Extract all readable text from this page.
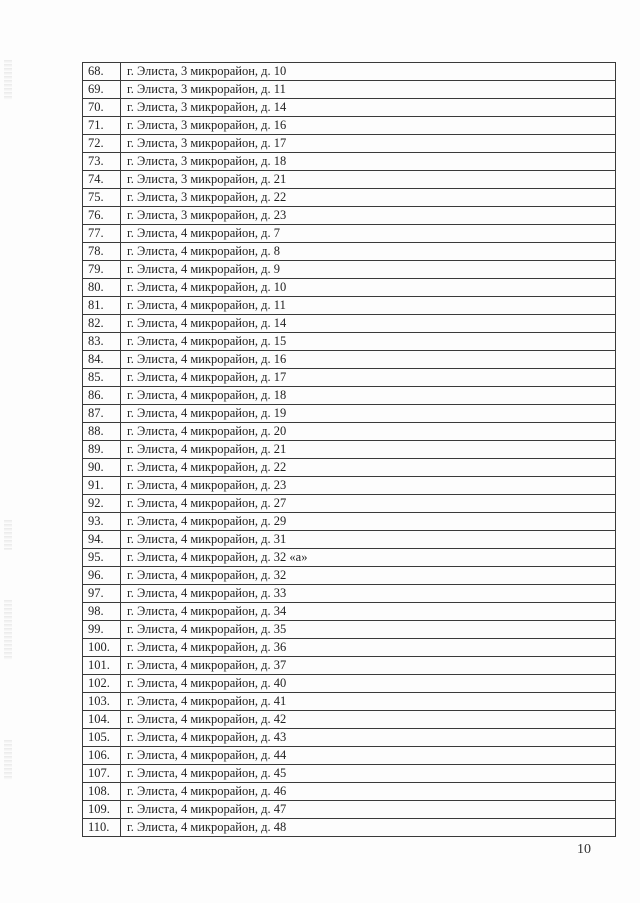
68.	г. Элиста, 3 микрорайон, д. 10
69.	г. Элиста, 3 микрорайон, д. 11
70.	г. Элиста, 3 микрорайон, д. 14
71.	г. Элиста, 3 микрорайон, д. 16
72.	г. Элиста, 3 микрорайон, д. 17
73.	г. Элиста, 3 микрорайон, д. 18
74.	г. Элиста, 3 микрорайон, д. 21
75.	г. Элиста, 3 микрорайон, д. 22
76.	г. Элиста, 3 микрорайон, д. 23
77.	г. Элиста, 4 микрорайон, д. 7
78.	г. Элиста, 4 микрорайон, д. 8
79.	г. Элиста, 4 микрорайон, д. 9
80.	г. Элиста, 4 микрорайон, д. 10
81.	г. Элиста, 4 микрорайон, д. 11
82.	г. Элиста, 4 микрорайон, д. 14
83.	г. Элиста, 4 микрорайон, д. 15
84.	г. Элиста, 4 микрорайон, д. 16
85.	г. Элиста, 4 микрорайон, д. 17
86.	г. Элиста, 4 микрорайон, д. 18
87.	г. Элиста, 4 микрорайон, д. 19
88.	г. Элиста, 4 микрорайон, д. 20
89.	г. Элиста, 4 микрорайон, д. 21
90.	г. Элиста, 4 микрорайон, д. 22
91.	г. Элиста, 4 микрорайон, д. 23
92.	г. Элиста, 4 микрорайон, д. 27
93.	г. Элиста, 4 микрорайон, д. 29
94.	г. Элиста, 4 микрорайон, д. 31
95.	г. Элиста, 4 микрорайон, д. 32 «а»
96.	г. Элиста, 4 микрорайон, д. 32
97.	г. Элиста, 4 микрорайон, д. 33
98.	г. Элиста, 4 микрорайон, д. 34
99.	г. Элиста, 4 микрорайон, д. 35
100.	г. Элиста, 4 микрорайон, д. 36
101.	г. Элиста, 4 микрорайон, д. 37
102.	г. Элиста, 4 микрорайон, д. 40
103.	г. Элиста, 4 микрорайон, д. 41
104.	г. Элиста, 4 микрорайон, д. 42
105.	г. Элиста, 4 микрорайон, д. 43
106.	г. Элиста, 4 микрорайон, д. 44
107.	г. Элиста, 4 микрорайон, д. 45
108.	г. Элиста, 4 микрорайон, д. 46
109.	г. Элиста, 4 микрорайон, д. 47
110.	г. Элиста, 4 микрорайон, д. 48
10
